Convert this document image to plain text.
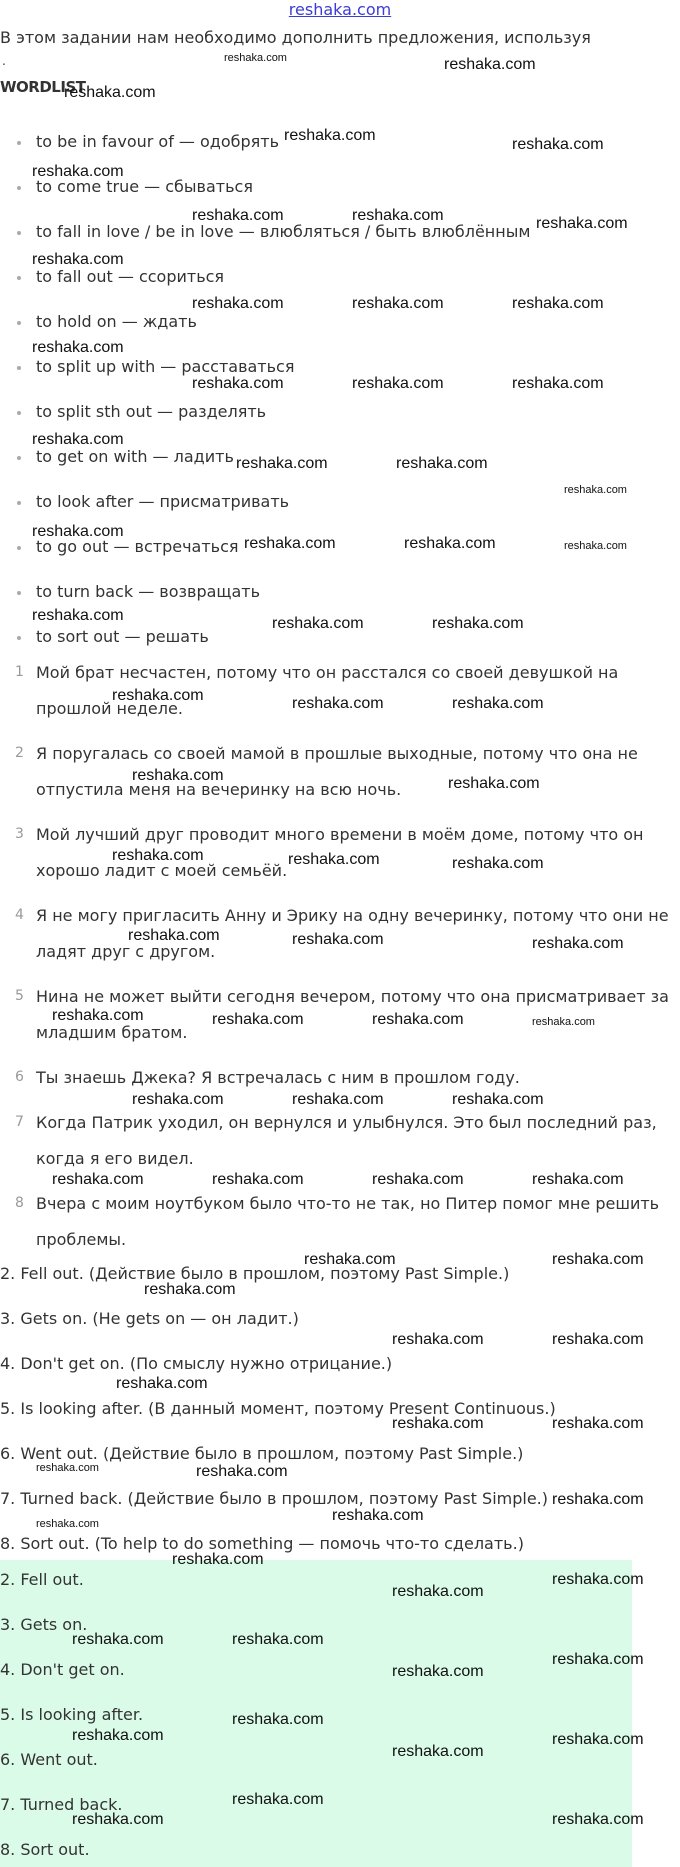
reshaka.com
В этом задании нам необходимо дополнить предложения, используя
.
WORDLIST
to be in favour of — одобрять
to come true — сбываться
to fall in love / be in love — влюбляться / быть влюблённым
to fall out — ссориться
to hold on — ждать
to split up with — расставаться
to split sth out — разделять
to get on with — ладить
to look after — присматривать
to go out — встречаться
to turn back — возвращать
to sort out — решать
1 Мой брат несчастен, потому что он расстался со своей девушкой на прошлой неделе.
2 Я поругалась со своей мамой в прошлые выходные, потому что она не отпустила меня на вечеринку на всю ночь.
3 Мой лучший друг проводит много времени в моём доме, потому что он хорошо ладит с моей семьёй.
4 Я не могу пригласить Анну и Эрику на одну вечеринку, потому что они не ладят друг с другом.
5 Нина не может выйти сегодня вечером, потому что она присматривает за младшим братом.
6 Ты знаешь Джека? Я встречалась с ним в прошлом году.
7 Когда Патрик уходил, он вернулся и улыбнулся. Это был последний раз, когда я его видел.
8 Вчера с моим ноутбуком было что-то не так, но Питер помог мне решить проблемы.
2. Fell out. (Действие было в прошлом, поэтому Past Simple.)
3. Gets on. (Не gets on — он ладит.)
4. Don't get on. (По смыслу нужно отрицание.)
5. Is looking after. (В данный момент, поэтому Present Continuous.)
6. Went out. (Действие было в прошлом, поэтому Past Simple.)
7. Turned back. (Действие было в прошлом, поэтому Past Simple.)
8. Sort out. (To help to do something — помочь что-то сделать.)
2. Fell out.
3. Gets on.
4. Don't get on.
5. Is looking after.
6. Went out.
7. Turned back.
8. Sort out.
reshaka.com	reshaka.com
reshaka.com
reshaka.com
reshaka.com
reshaka.com
reshaka.com	reshaka.com	reshaka.com
reshaka.com
reshaka.com	reshaka.com	reshaka.com
reshaka.com
reshaka.com	reshaka.com	reshaka.com
reshaka.com
reshaka.com	reshaka.com
reshaka.com
reshaka.com
reshaka.com	reshaka.com	reshaka.com
reshaka.com	reshaka.com	reshaka.com
reshaka.com	reshaka.com	reshaka.com
reshaka.com	reshaka.com
reshaka.com	reshaka.com	reshaka.com
reshaka.com	reshaka.com	reshaka.com
reshaka.com	reshaka.com	reshaka.com	reshaka.com
reshaka.com	reshaka.com	reshaka.com
reshaka.com	reshaka.com	reshaka.com	reshaka.com
reshaka.com	reshaka.com
reshaka.com
reshaka.com	reshaka.com
reshaka.com
reshaka.com	reshaka.com
reshaka.com	reshaka.com
reshaka.com
reshaka.com
reshaka.com
reshaka.com
reshaka.com
reshaka.com
reshaka.com	reshaka.com
reshaka.com
reshaka.com
reshaka.com
reshaka.com	reshaka.com
reshaka.com
reshaka.com
reshaka.com	reshaka.com
